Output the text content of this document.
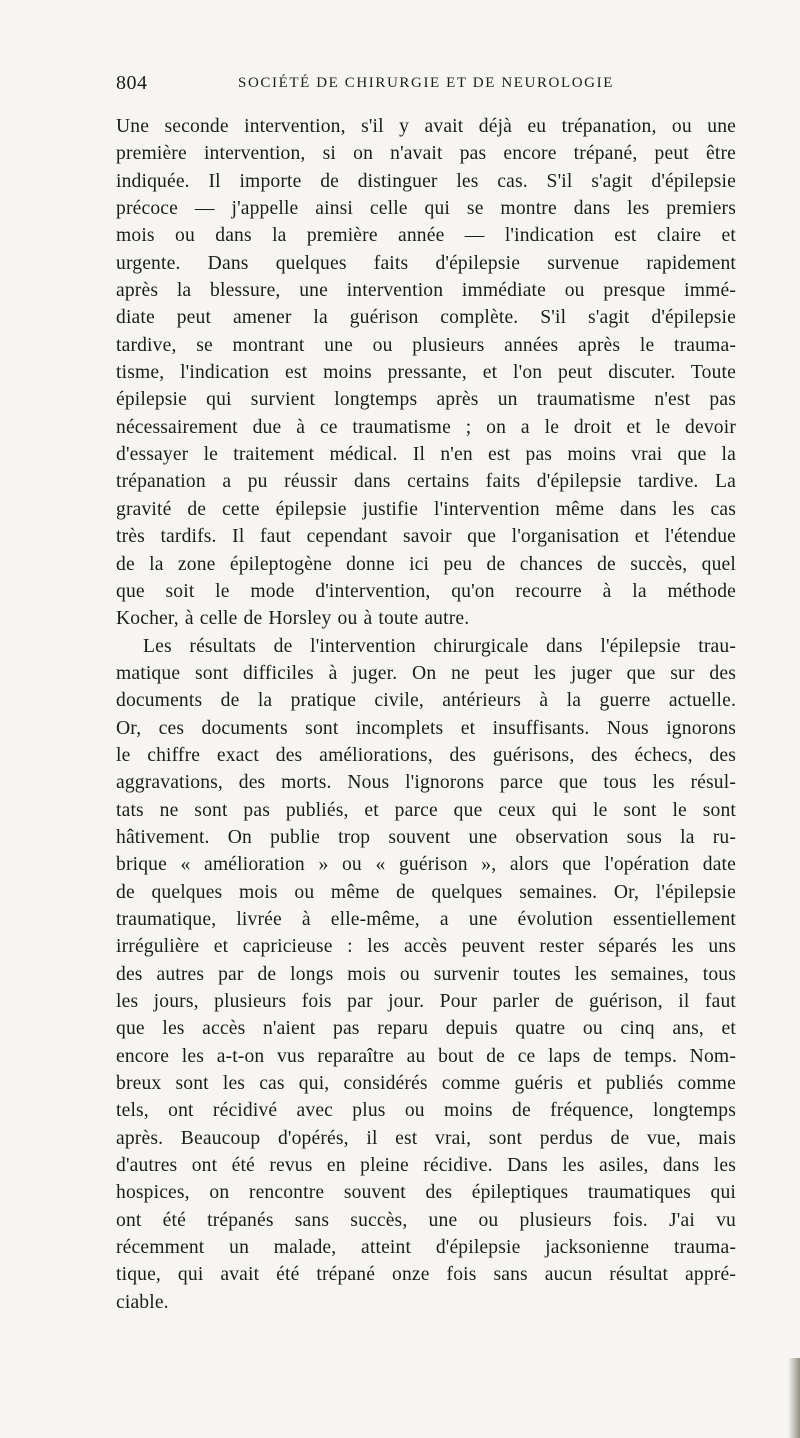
804	SOCIÉTÉ DE CHIRURGIE ET DE NEUROLOGIE

Une seconde intervention, s'il y avait déjà eu trépanation, ou une
première intervention, si on n'avait pas encore trépané, peut être
indiquée. Il importe de distinguer les cas. S'il s'agit d'épilepsie
précoce — j'appelle ainsi celle qui se montre dans les premiers
mois ou dans la première année — l'indication est claire et
urgente. Dans quelques faits d'épilepsie survenue rapidement
après la blessure, une intervention immédiate ou presque immé-
diate peut amener la guérison complète. S'il s'agit d'épilepsie
tardive, se montrant une ou plusieurs années après le trauma-
tisme, l'indication est moins pressante, et l'on peut discuter. Toute
épilepsie qui survient longtemps après un traumatisme n'est pas
nécessairement due à ce traumatisme ; on a le droit et le devoir
d'essayer le traitement médical. Il n'en est pas moins vrai que la
trépanation a pu réussir dans certains faits d'épilepsie tardive. La
gravité de cette épilepsie justifie l'intervention même dans les cas
très tardifs. Il faut cependant savoir que l'organisation et l'étendue
de la zone épileptogène donne ici peu de chances de succès, quel
que soit le mode d'intervention, qu'on recourre à la méthode
Kocher, à celle de Horsley ou à toute autre.

Les résultats de l'intervention chirurgicale dans l'épilepsie trau-
matique sont difficiles à juger. On ne peut les juger que sur des
documents de la pratique civile, antérieurs à la guerre actuelle.
Or, ces documents sont incomplets et insuffisants. Nous ignorons
le chiffre exact des améliorations, des guérisons, des échecs, des
aggravations, des morts. Nous l'ignorons parce que tous les résul-
tats ne sont pas publiés, et parce que ceux qui le sont le sont
hâtivement. On publie trop souvent une observation sous la ru-
brique « amélioration » ou « guérison », alors que l'opération date
de quelques mois ou même de quelques semaines. Or, l'épilepsie
traumatique, livrée à elle-même, a une évolution essentiellement
irrégulière et capricieuse : les accès peuvent rester séparés les uns
des autres par de longs mois ou survenir toutes les semaines, tous
les jours, plusieurs fois par jour. Pour parler de guérison, il faut
que les accès n'aient pas reparu depuis quatre ou cinq ans, et
encore les a-t-on vus reparaître au bout de ce laps de temps. Nom-
breux sont les cas qui, considérés comme guéris et publiés comme
tels, ont récidivé avec plus ou moins de fréquence, longtemps
après. Beaucoup d'opérés, il est vrai, sont perdus de vue, mais
d'autres ont été revus en pleine récidive. Dans les asiles, dans les
hospices, on rencontre souvent des épileptiques traumatiques qui
ont été trépanés sans succès, une ou plusieurs fois. J'ai vu
récemment un malade, atteint d'épilepsie jacksonienne trauma-
tique, qui avait été trépané onze fois sans aucun résultat appré-
ciable.
